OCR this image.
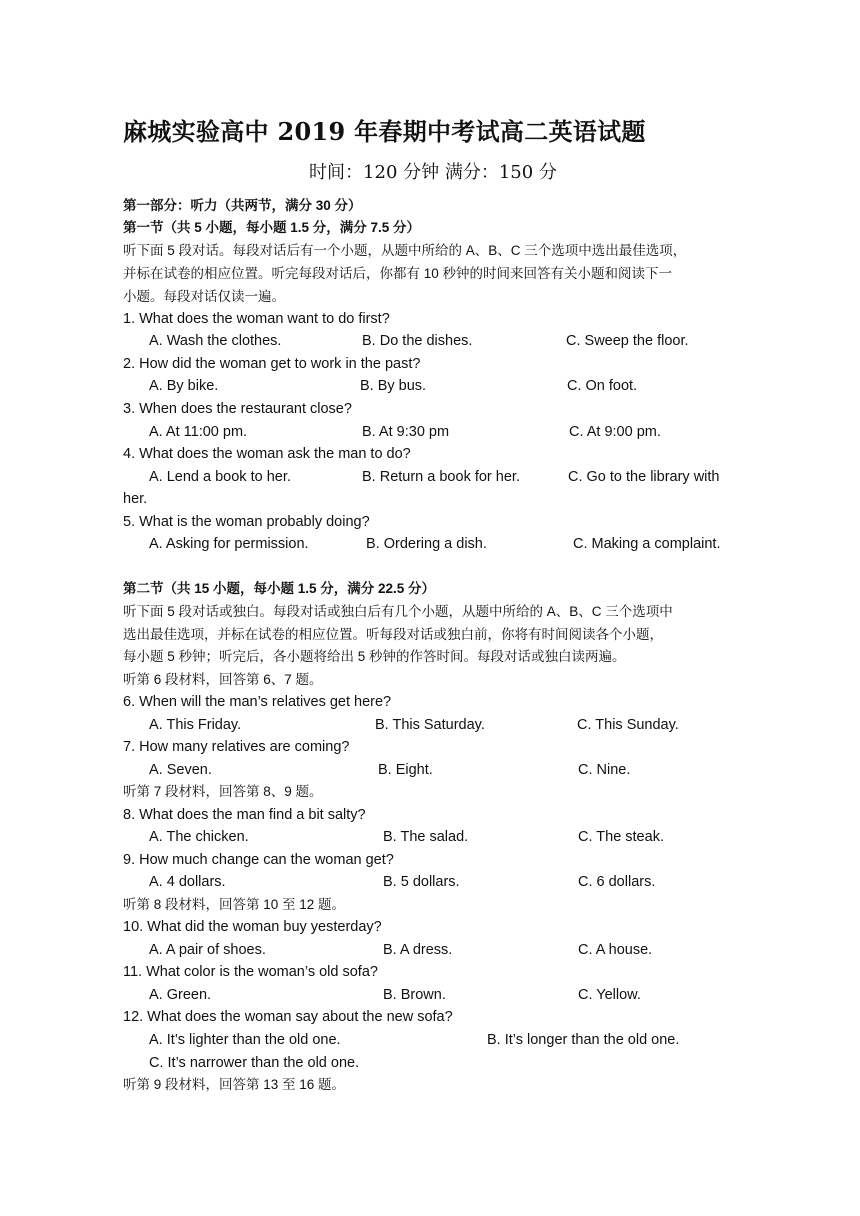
麻城实验高中 2019 年春期中考试高二英语试题
时间：120 分钟 满分：150 分
第一部分：听力（共两节，满分 30 分）
第一节（共 5 小题，每小题 1.5 分，满分 7.5 分）
听下面 5 段对话。每段对话后有一个小题，从题中所给的 A、B、C 三个选项中选出最佳选项，
并标在试卷的相应位置。听完每段对话后，你都有 10 秒钟的时间来回答有关小题和阅读下一
小题。每段对话仅读一遍。
1. What does the woman want to do first?
A. Wash the clothes.	B. Do the dishes.	C. Sweep the floor.
2. How did the woman get to work in the past?
A. By bike.	B. By bus.	C. On foot.
3. When does the restaurant close?
A. At 11:00 pm.	B. At 9:30 pm	C. At 9:00 pm.
4. What does the woman ask the man to do?
A. Lend a book to her.	B. Return a book for her.	C. Go to the library with
her.
5. What is the woman probably doing?
A. Asking for permission.	B. Ordering a dish.	C. Making a complaint.
第二节（共 15 小题，每小题 1.5 分，满分 22.5 分）
听下面 5 段对话或独白。每段对话或独白后有几个小题，从题中所给的 A、B、C 三个选项中
选出最佳选项，并标在试卷的相应位置。听每段对话或独白前，你将有时间阅读各个小题，
每小题 5 秒钟；听完后，各小题将给出 5 秒钟的作答时间。每段对话或独白读两遍。
听第 6 段材料，回答第 6、7 题。
6. When will the man’s relatives get here?
A. This Friday.	B. This Saturday.	C. This Sunday.
7. How many relatives are coming?
A. Seven.	B. Eight.	C. Nine.
听第 7 段材料，回答第 8、9 题。
8. What does the man find a bit salty?
A. The chicken.	B. The salad.	C. The steak.
9. How much change can the woman get?
A. 4 dollars.	B. 5 dollars.	C. 6 dollars.
听第 8 段材料，回答第 10 至 12 题。
10. What did the woman buy yesterday?
A. A pair of shoes.	B. A dress.	C. A house.
11. What color is the woman’s old sofa?
A. Green.	B. Brown.	C. Yellow.
12. What does the woman say about the new sofa?
A. It’s lighter than the old one.	B. It’s longer than the old one.
C. It’s narrower than the old one.
听第 9 段材料，回答第 13 至 16 题。
